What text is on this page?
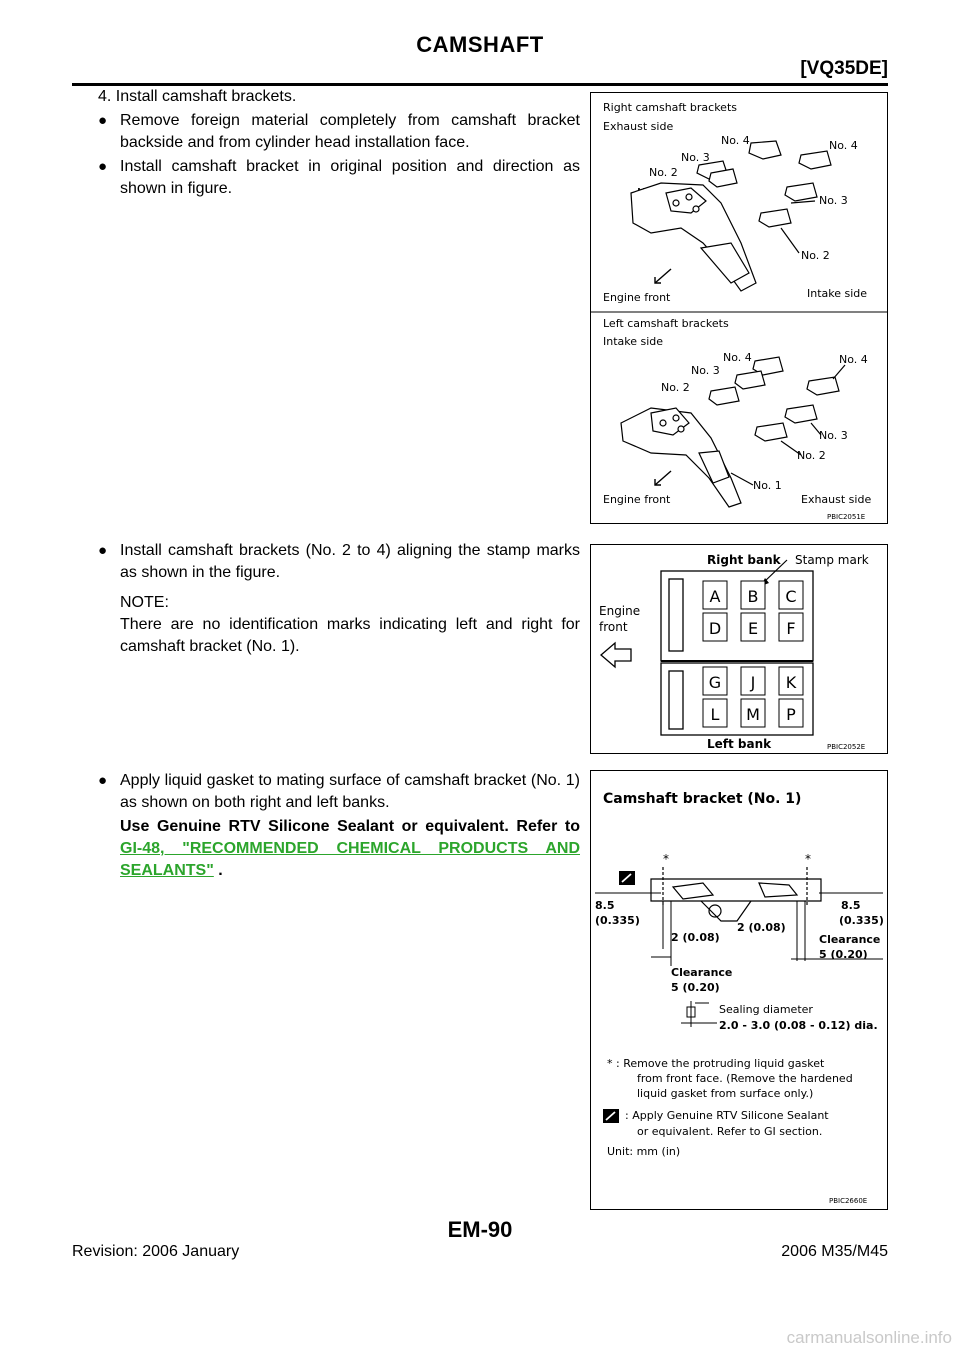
CAMSHAFT
[VQ35DE]
4. Install camshaft brackets.
● Remove foreign material completely from camshaft bracket backside and from cylinder head installation face.
● Install camshaft bracket in original position and direction as shown in figure.
● Install camshaft brackets (No. 2 to 4) aligning the stamp marks as shown in the figure.
NOTE:
There are no identification marks indicating left and right for camshaft bracket (No. 1).
● Apply liquid gasket to mating surface of camshaft bracket (No. 1) as shown on both right and left banks.
Use Genuine RTV Silicone Sealant or equivalent. Refer to GI-48, "RECOMMENDED CHEMICAL PRODUCTS AND SEALANTS" .
Right camshaft brackets
Exhaust side
No. 4
No. 3
No. 2
No. 4
No. 3
No. 2
Engine front	Intake side
Left camshaft brackets
Intake side
No. 4
No. 3
No. 2
No. 4
No. 3
No. 2
No. 1
Engine front	Exhaust side
PBIC2051E
Right bank Stamp mark
Engine
front
Left bank	PBIC2052E
A B C
D E F
G J K
L M P
Camshaft bracket (No. 1)
*	*
8.5
(0.335)
8.5
(0.335)
2 (0.08)
2 (0.08)
Clearance
5 (0.20)
Clearance
5 (0.20)
Sealing diameter
2.0 - 3.0 (0.08 - 0.12) dia.
* : Remove the protruding liquid gasket
from front face. (Remove the hardened
liquid gasket from surface only.)
: Apply Genuine RTV Silicone Sealant
or equivalent. Refer to GI section.
Unit: mm (in)
PBIC2660E
EM-90
Revision: 2006 January	2006 M35/M45
carmanualsonline.info
